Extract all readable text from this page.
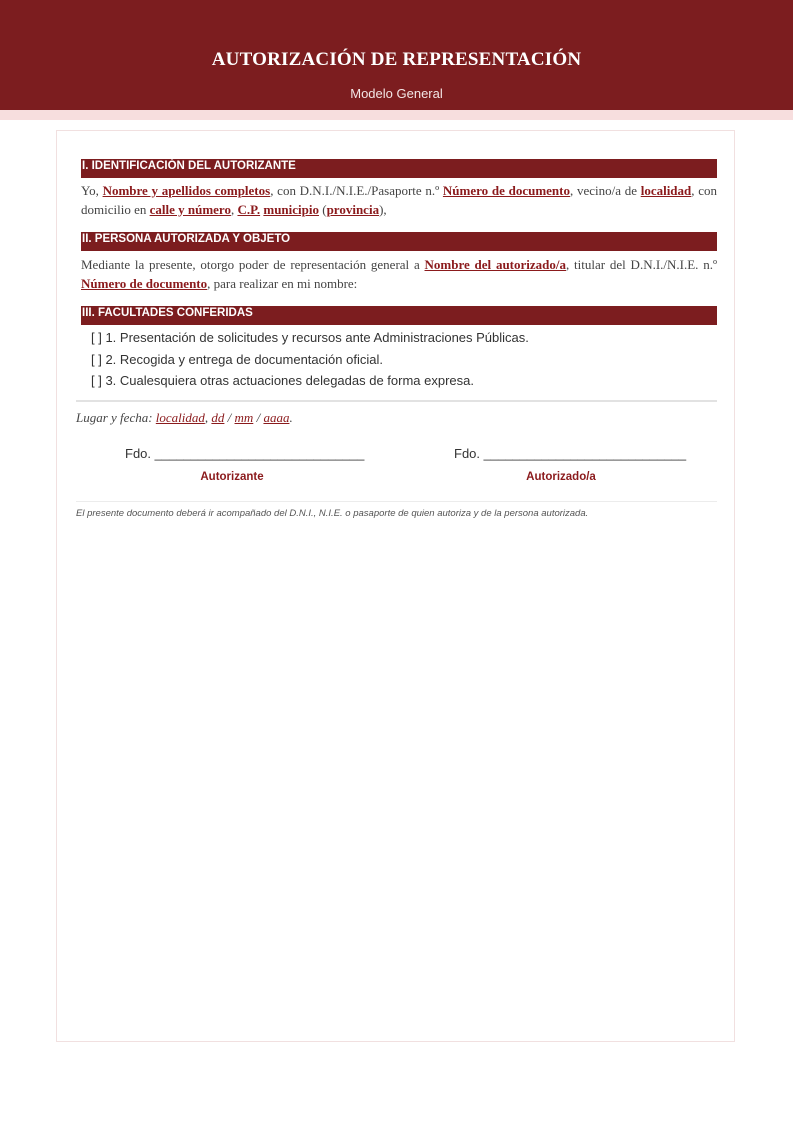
AUTORIZACIÓN DE REPRESENTACIÓN
Modelo General
I. IDENTIFICACIÓN DEL AUTORIZANTE
Yo, Nombre y apellidos completos, con D.N.I./N.I.E./Pasaporte n.º Número de documento, vecino/a de localidad, con domicilio en calle y número, C.P. municipio (provincia),
II. PERSONA AUTORIZADA Y OBJETO
Mediante la presente, otorgo poder de representación general a Nombre del autorizado/a, titular del D.N.I./N.I.E. n.º Número de documento, para realizar en mi nombre:
III. FACULTADES CONFERIDAS
[ ] 1. Presentación de solicitudes y recursos ante Administraciones Públicas.
[ ] 2. Recogida y entrega de documentación oficial.
[ ] 3. Cualesquiera otras actuaciones delegadas de forma expresa.
Lugar y fecha: localidad, dd / mm / aaaa.
Fdo. _____________________________
Autorizante
Fdo. ____________________________
Autorizado/a
El presente documento deberá ir acompañado del D.N.I., N.I.E. o pasaporte de quien autoriza y de la persona autorizada.
